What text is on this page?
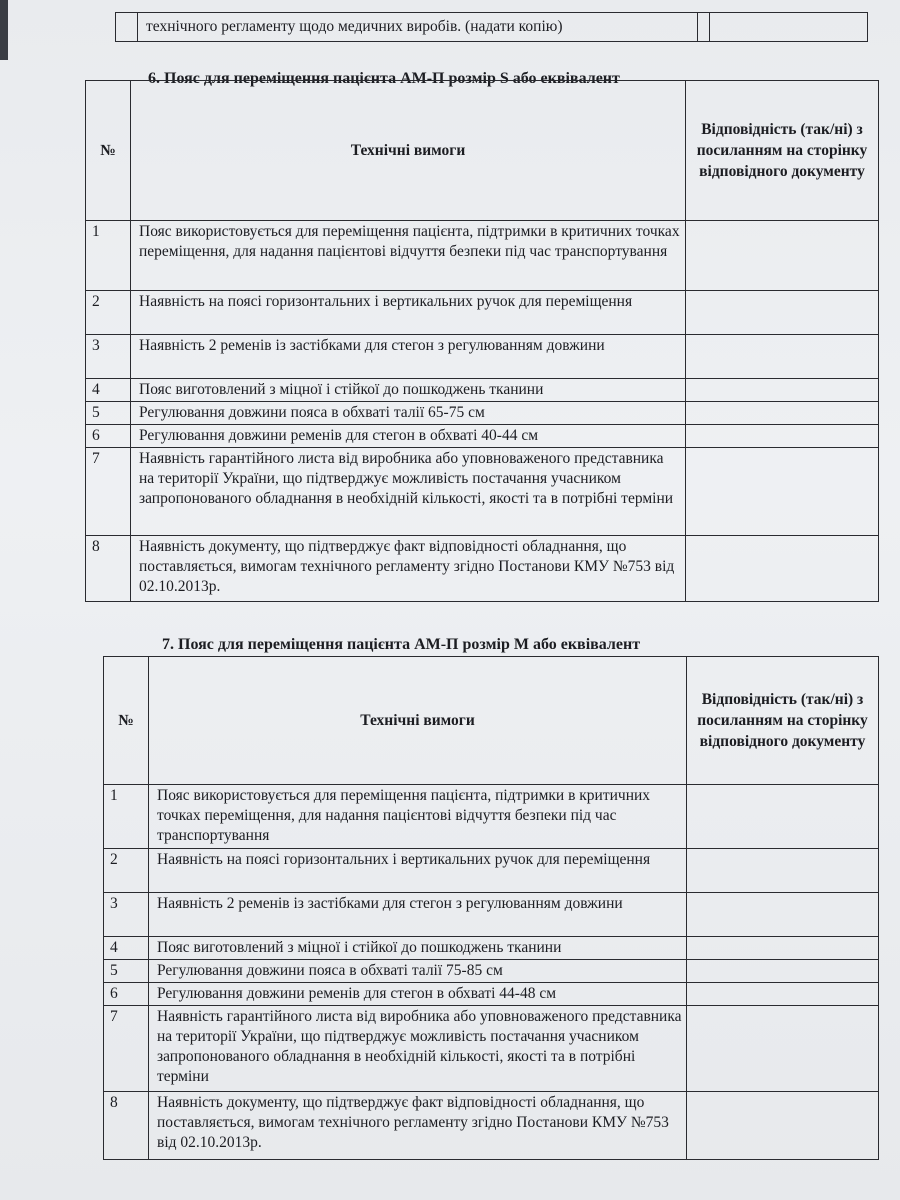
	технічного регламенту щодо медичних виробів. (надати копію)		
6. Пояс для переміщення пацієнта АМ-П розмір S або еквівалент
№	Технічні вимоги	Відповідність (так/ні) з посиланням на сторінку відповідного документу
1	Пояс використовується для переміщення пацієнта, підтримки в критичних точках переміщення, для надання пацієнтові відчуття безпеки під час транспортування	
2	Наявність на поясі горизонтальних і вертикальних ручок для переміщення	
3	Наявність 2 ременів із застібками для стегон з регулюванням довжини	
4	Пояс виготовлений з міцної і стійкої до пошкоджень тканини	
5	Регулювання довжини пояса в обхваті талії 65-75 см	
6	Регулювання довжини ременів для стегон в обхваті 40-44 см	
7	Наявність гарантійного листа від виробника або уповноваженого представника на території України, що підтверджує можливість постачання учасником запропонованого обладнання в необхідній кількості, якості та в потрібні терміни	
8	Наявність документу, що підтверджує факт відповідності обладнання, що поставляється, вимогам технічного регламенту згідно Постанови КМУ №753 від 02.10.2013р.	
7. Пояс для переміщення пацієнта АМ-П розмір M або еквівалент
№	Технічні вимоги	Відповідність (так/ні) з посиланням на сторінку відповідного документу
1	Пояс використовується для переміщення пацієнта, підтримки в критичних точках переміщення, для надання пацієнтові відчуття безпеки під час транспортування	
2	Наявність на поясі горизонтальних і вертикальних ручок для переміщення	
3	Наявність 2 ременів із застібками для стегон з регулюванням довжини	
4	Пояс виготовлений з міцної і стійкої до пошкоджень тканини	
5	Регулювання довжини пояса в обхваті талії 75-85 см	
6	Регулювання довжини ременів для стегон в обхваті 44-48 см	
7	Наявність гарантійного листа від виробника або уповноваженого представника на території України, що підтверджує можливість постачання учасником запропонованого обладнання в необхідній кількості, якості та в потрібні терміни	
8	Наявність документу, що підтверджує факт відповідності обладнання, що поставляється, вимогам технічного регламенту згідно Постанови КМУ №753 від 02.10.2013р.	
